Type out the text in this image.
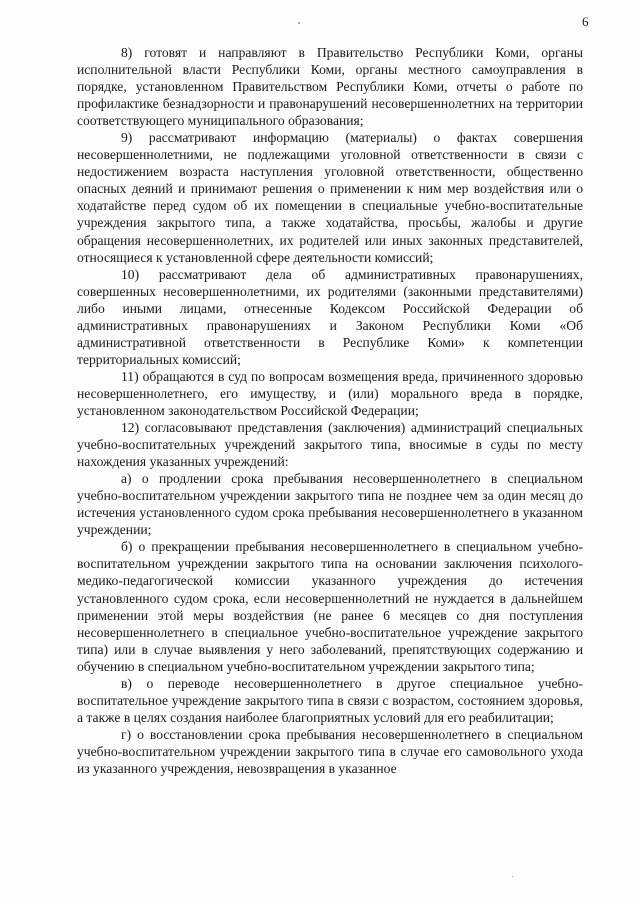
6

8) готовят и направляют в Правительство Республики Коми, органы исполнительной власти Республики Коми, органы местного самоуправления в порядке, установленном Правительством Республики Коми, отчеты о работе по профилактике безнадзорности и правонарушений несовершеннолетних на территории соответствующего муниципального образования;

9) рассматривают информацию (материалы) о фактах совершения несовершеннолетними, не подлежащими уголовной ответственности в связи с недостижением возраста наступления уголовной ответственности, общественно опасных деяний и принимают решения о применении к ним мер воздействия или о ходатайстве перед судом об их помещении в специальные учебно-воспитательные учреждения закрытого типа, а также ходатайства, просьбы, жалобы и другие обращения несовершеннолетних, их родителей или иных законных представителей, относящиеся к установленной сфере деятельности комиссий;

10) рассматривают дела об административных правонарушениях, совершенных несовершеннолетними, их родителями (законными представителями) либо иными лицами, отнесенные Кодексом Российской Федерации об административных правонарушениях и Законом Республики Коми «Об административной ответственности в Республике Коми» к компетенции территориальных комиссий;

11) обращаются в суд по вопросам возмещения вреда, причиненного здоровью несовершеннолетнего, его имуществу, и (или) морального вреда в порядке, установленном законодательством Российской Федерации;

12) согласовывают представления (заключения) администраций специальных учебно-воспитательных учреждений закрытого типа, вносимые в суды по месту нахождения указанных учреждений:

а) о продлении срока пребывания несовершеннолетнего в специальном учебно-воспитательном учреждении закрытого типа не позднее чем за один месяц до истечения установленного судом срока пребывания несовершеннолетнего в указанном учреждении;

б) о прекращении пребывания несовершеннолетнего в специальном учебно-воспитательном учреждении закрытого типа на основании заключения психолого-медико-педагогической комиссии указанного учреждения до истечения установленного судом срока, если несовершеннолетний не нуждается в дальнейшем применении этой меры воздействия (не ранее 6 месяцев со дня поступления несовершеннолетнего в специальное учебно-воспитательное учреждение закрытого типа) или в случае выявления у него заболеваний, препятствующих содержанию и обучению в специальном учебно-воспитательном учреждении закрытого типа;

в) о переводе несовершеннолетнего в другое специальное учебно-воспитательное учреждение закрытого типа в связи с возрастом, состоянием здоровья, а также в целях создания наиболее благоприятных условий для его реабилитации;

г) о восстановлении срока пребывания несовершеннолетнего в специальном учебно-воспитательном учреждении закрытого типа в случае его самовольного ухода из указанного учреждения, невозвращения в указанное
